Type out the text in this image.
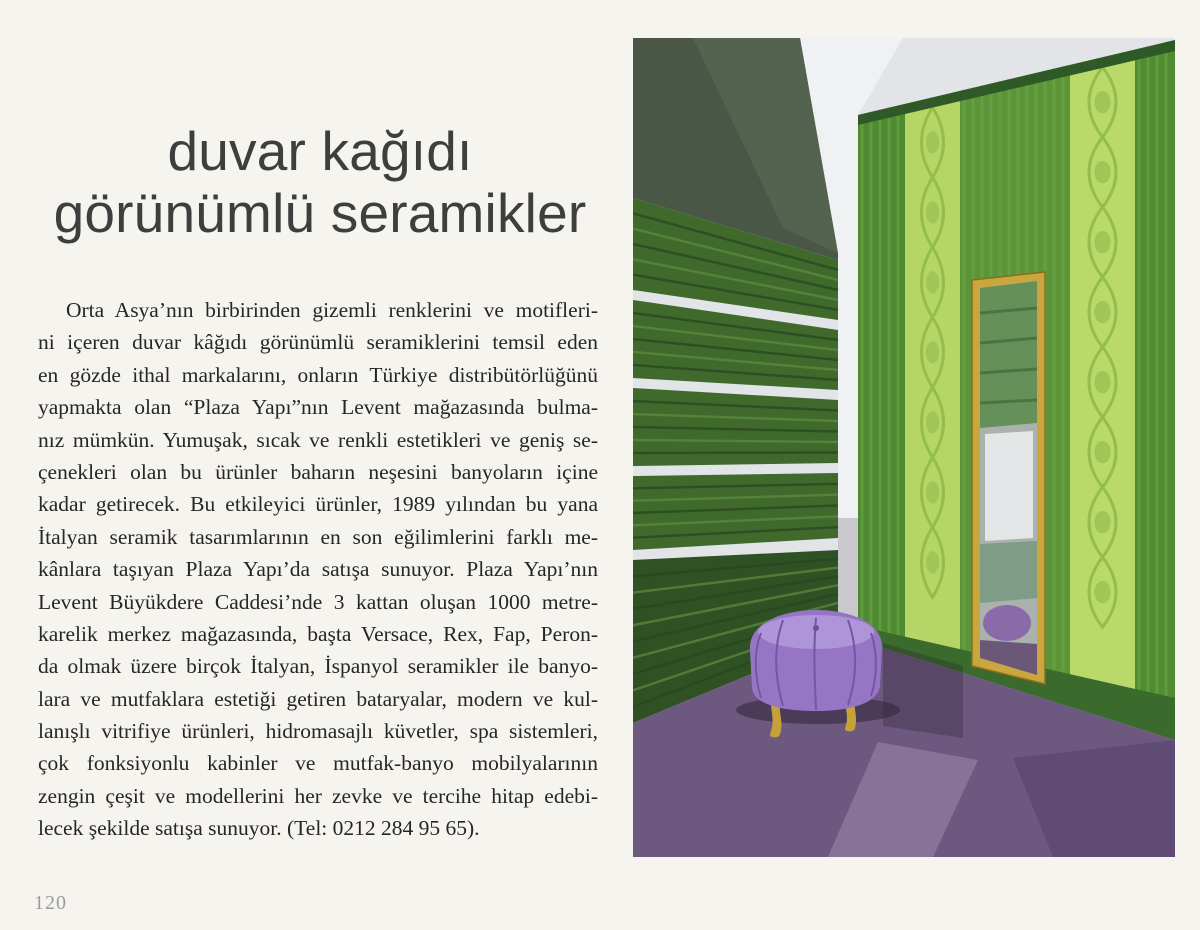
duvar kağıdı
görünümlü seramikler
Orta Asya’nın birbirinden gizemli renklerini ve motifleri-
ni içeren duvar kâğıdı görünümlü seramiklerini temsil eden
en gözde ithal markalarını, onların Türkiye distribütörlüğünü
yapmakta olan “Plaza Yapı”nın Levent mağazasında bulma-
nız mümkün. Yumuşak, sıcak ve renkli estetikleri ve geniş se-
çenekleri olan bu ürünler baharın neşesini banyoların içine
kadar getirecek. Bu etkileyici ürünler, 1989 yılından bu yana
İtalyan seramik tasarımlarının en son eğilimlerini farklı me-
kânlara taşıyan Plaza Yapı’da satışa sunuyor. Plaza Yapı’nın
Levent Büyükdere Caddesi’nde 3 kattan oluşan 1000 metre-
karelik merkez mağazasında, başta Versace, Rex, Fap, Peron-
da olmak üzere birçok İtalyan, İspanyol seramikler ile banyo-
lara ve mutfaklara estetiği getiren bataryalar, modern ve kul-
lanışlı vitrifiye ürünleri, hidromasajlı küvetler, spa sistemleri,
çok fonksiyonlu kabinler ve mutfak-banyo mobilyalarının
zengin çeşit ve modellerini her zevke ve tercihe hitap edebi-
lecek şekilde satışa sunuyor. (Tel: 0212 284 95 65).
120
